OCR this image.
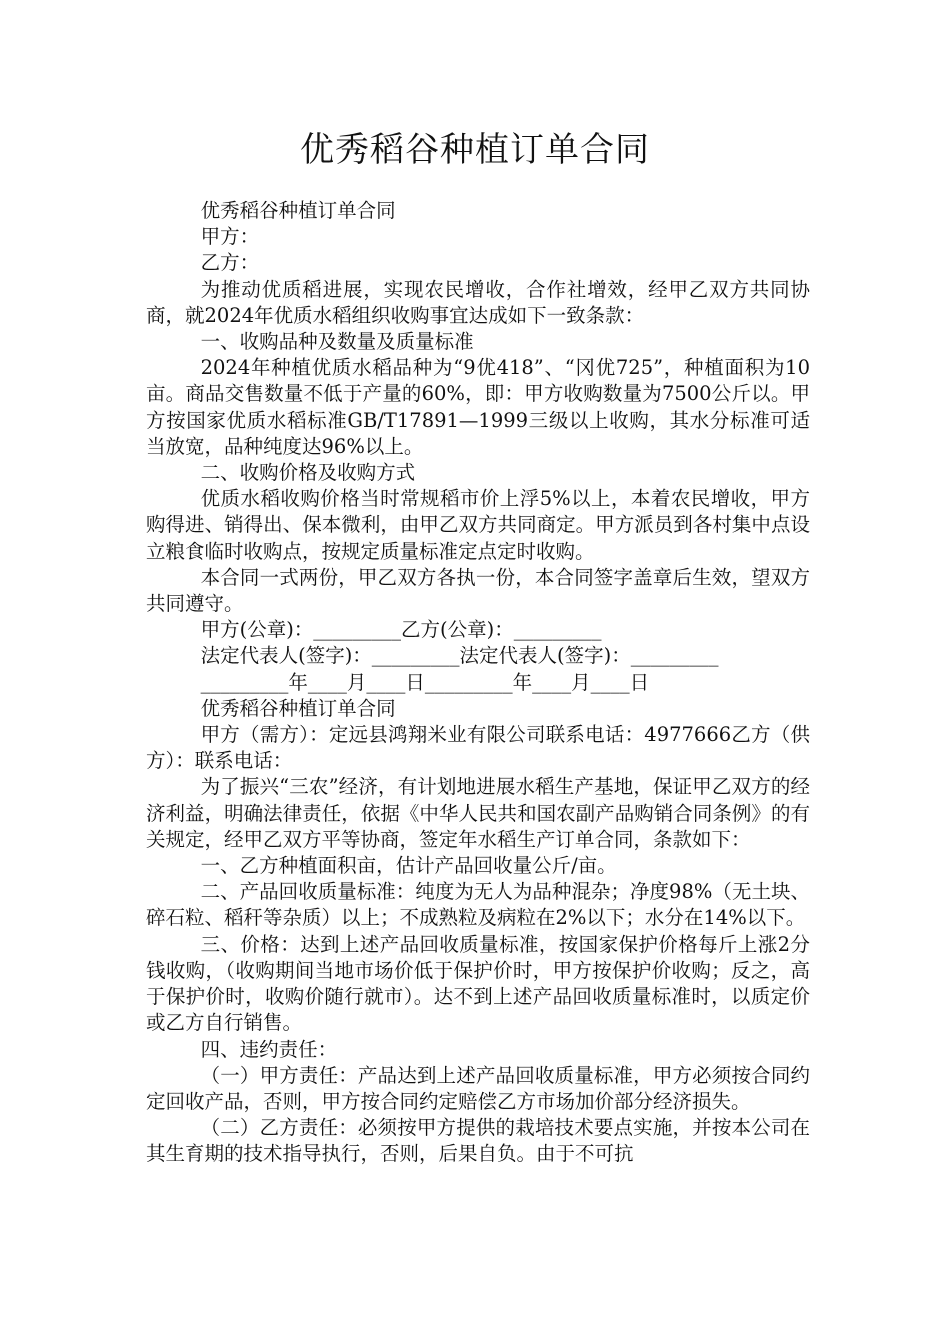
优秀稻谷种植订单合同

优秀稻谷种植订单合同

甲方：

乙方：

为推动优质稻进展，实现农民增收，合作社增效，经甲乙双方共同协商，就2024年优质水稻组织收购事宜达成如下一致条款：

一、收购品种及数量及质量标准

2024年种植优质水稻品种为“9优418”、“冈优725”，种植面积为10亩。商品交售数量不低于产量的60%，即：甲方收购数量为7500公斤以。甲方按国家优质水稻标准GB/T17891—1999三级以上收购，其水分标准可适当放宽，品种纯度达96%以上。

二、收购价格及收购方式

优质水稻收购价格当时常规稻市价上浮5%以上，本着农民增收，甲方购得进、销得出、保本微利，由甲乙双方共同商定。甲方派员到各村集中点设立粮食临时收购点，按规定质量标准定点定时收购。

本合同一式两份，甲乙双方各执一份，本合同签字盖章后生效，望双方共同遵守。

甲方(公章)：_________乙方(公章)：_________

法定代表人(签字)：_________法定代表人(签字)：_________

_________年____月____日_________年____月____日

优秀稻谷种植订单合同

甲方（需方）：定远县鸿翔米业有限公司联系电话：4977666乙方（供方）：联系电话：

为了振兴“三农”经济，有计划地进展水稻生产基地，保证甲乙双方的经济利益，明确法律责任，依据《中华人民共和国农副产品购销合同条例》的有关规定，经甲乙双方平等协商，签定年水稻生产订单合同，条款如下：

一、乙方种植面积亩，估计产品回收量公斤/亩。

二、产品回收质量标准：纯度为无人为品种混杂；净度98%（无土块、碎石粒、稻秆等杂质）以上；不成熟粒及病粒在2%以下；水分在14%以下。

三、价格：达到上述产品回收质量标准，按国家保护价格每斤上涨2分钱收购，（收购期间当地市场价低于保护价时，甲方按保护价收购；反之，高于保护价时，收购价随行就市）。达不到上述产品回收质量标准时，以质定价或乙方自行销售。

四、违约责任：

（一）甲方责任：产品达到上述产品回收质量标准，甲方必须按合同约定回收产品，否则，甲方按合同约定赔偿乙方市场加价部分经济损失。

（二）乙方责任：必须按甲方提供的栽培技术要点实施，并按本公司在其生育期的技术指导执行，否则，后果自负。由于不可抗
